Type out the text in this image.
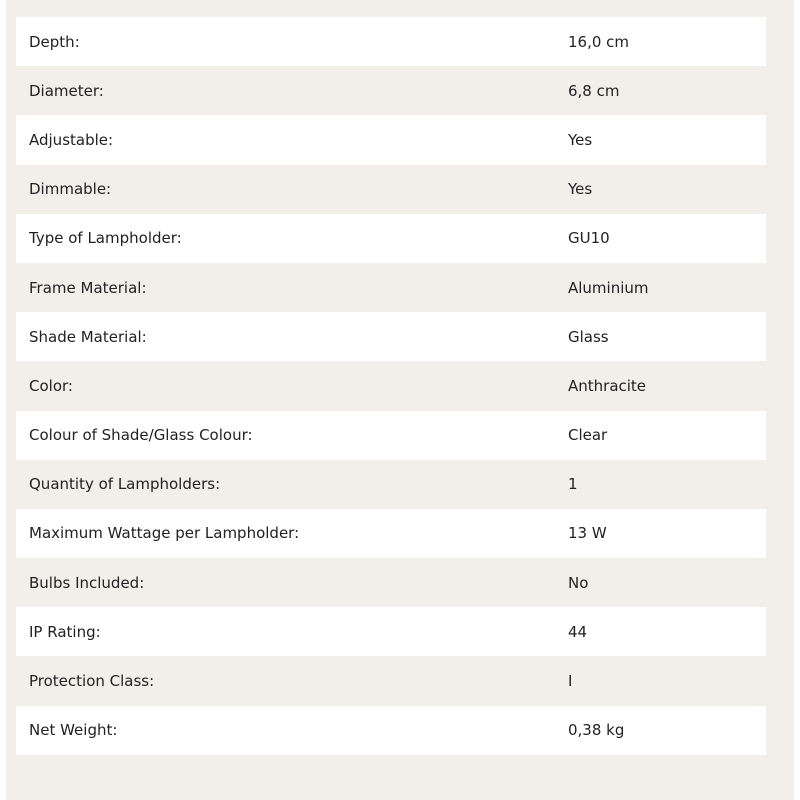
Depth:	16,0 cm
Diameter:	6,8 cm
Adjustable:	Yes
Dimmable:	Yes
Type of Lampholder:	GU10
Frame Material:	Aluminium
Shade Material:	Glass
Color:	Anthracite
Colour of Shade/Glass Colour:	Clear
Quantity of Lampholders:	1
Maximum Wattage per Lampholder:	13 W
Bulbs Included:	No
IP Rating:	44
Protection Class:	I
Net Weight:	0,38 kg
